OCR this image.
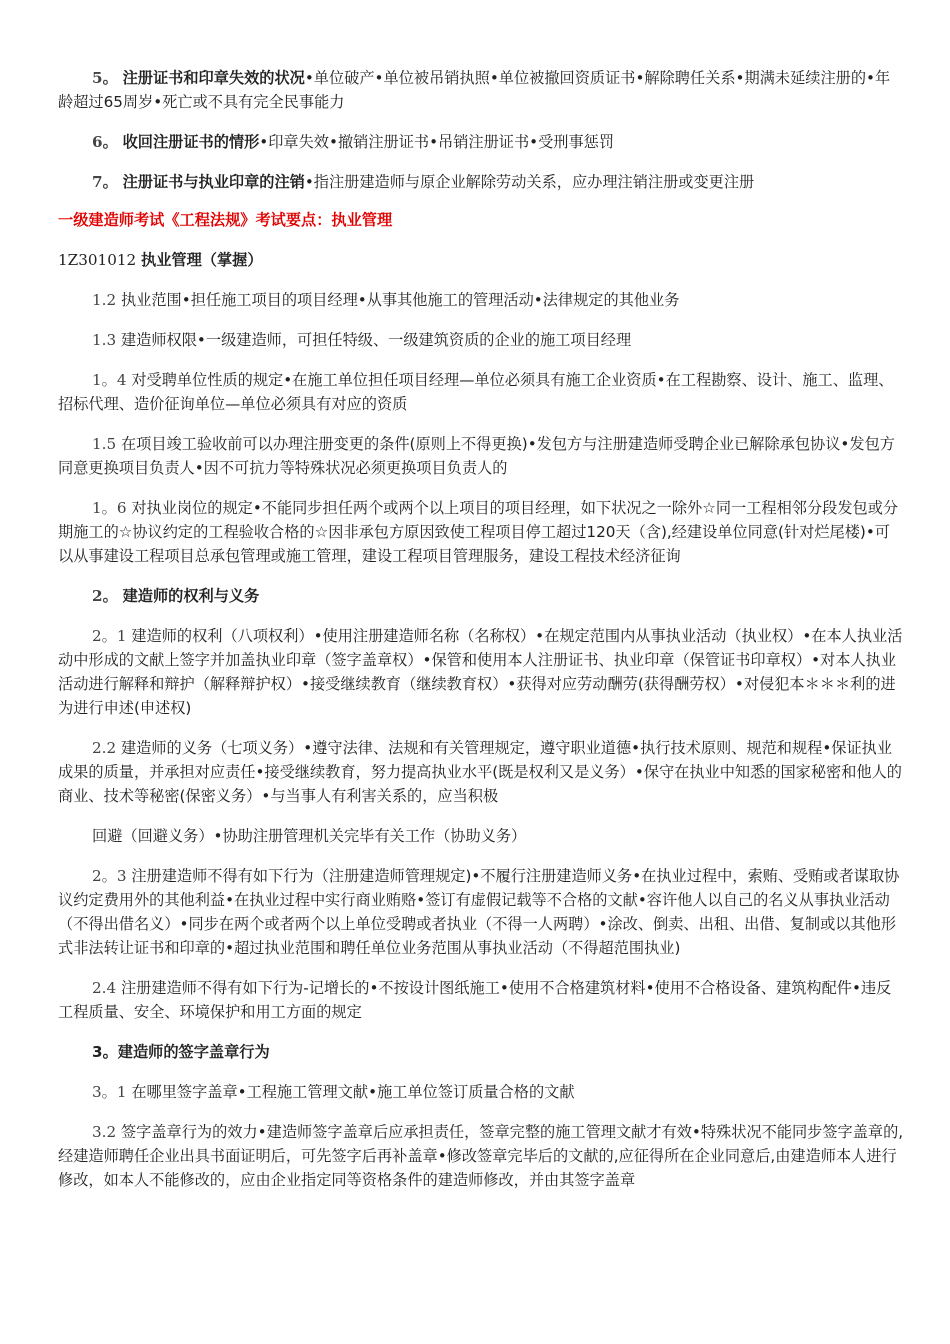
5。 注册证书和印章失效的状况•单位破产•单位被吊销执照•单位被撤回资质证书•解除聘任关系•期满未延续注册的•年龄超过65周岁•死亡或不具有完全民事能力

6。 收回注册证书的情形•印章失效•撤销注册证书•吊销注册证书•受刑事惩罚

7。 注册证书与执业印章的注销•指注册建造师与原企业解除劳动关系，应办理注销注册或变更注册

一级建造师考试《工程法规》考试要点：执业管理

1Z301012 执业管理（掌握）

1.2 执业范围•担任施工项目的项目经理•从事其他施工的管理活动•法律规定的其他业务

1.3 建造师权限•一级建造师，可担任特级、一级建筑资质的企业的施工项目经理

1。4 对受聘单位性质的规定•在施工单位担任项目经理—单位必须具有施工企业资质•在工程勘察、设计、施工、监理、招标代理、造价征询单位—单位必须具有对应的资质

1.5 在项目竣工验收前可以办理注册变更的条件(原则上不得更换)•发包方与注册建造师受聘企业已解除承包协议•发包方同意更换项目负责人•因不可抗力等特殊状况必须更换项目负责人的

1。6 对执业岗位的规定•不能同步担任两个或两个以上项目的项目经理，如下状况之一除外☆同一工程相邻分段发包或分期施工的☆协议约定的工程验收合格的☆因非承包方原因致使工程项目停工超过120天（含),经建设单位同意(针对烂尾楼)•可以从事建设工程项目总承包管理或施工管理，建设工程项目管理服务，建设工程技术经济征询

2。 建造师的权利与义务

2。1 建造师的权利（八项权利）•使用注册建造师名称（名称权）•在规定范围内从事执业活动（执业权）•在本人执业活动中形成的文献上签字并加盖执业印章（签字盖章权）•保管和使用本人注册证书、执业印章（保管证书印章权）•对本人执业活动进行解释和辩护（解释辩护权）•接受继续教育（继续教育权）•获得对应劳动酬劳(获得酬劳权）•对侵犯本＊＊＊利的进为进行申述(申述权)

2.2 建造师的义务（七项义务）•遵守法律、法规和有关管理规定，遵守职业道德•执行技术原则、规范和规程•保证执业成果的质量，并承担对应责任•接受继续教育，努力提高执业水平(既是权利又是义务）•保守在执业中知悉的国家秘密和他人的商业、技术等秘密(保密义务）•与当事人有利害关系的，应当积极

回避（回避义务）•协助注册管理机关完毕有关工作（协助义务）

2。3 注册建造师不得有如下行为（注册建造师管理规定)•不履行注册建造师义务•在执业过程中，索贿、受贿或者谋取协议约定费用外的其他利益•在执业过程中实行商业贿赂•签订有虚假记载等不合格的文献•容许他人以自己的名义从事执业活动（不得出借名义）•同步在两个或者两个以上单位受聘或者执业（不得一人两聘）•涂改、倒卖、出租、出借、复制或以其他形式非法转让证书和印章的•超过执业范围和聘任单位业务范围从事执业活动（不得超范围执业)

2.4 注册建造师不得有如下行为-记增长的•不按设计图纸施工•使用不合格建筑材料•使用不合格设备、建筑构配件•违反工程质量、安全、环境保护和用工方面的规定

3。建造师的签字盖章行为

3。1 在哪里签字盖章•工程施工管理文献•施工单位签订质量合格的文献

3.2 签字盖章行为的效力•建造师签字盖章后应承担责任，签章完整的施工管理文献才有效•特殊状况不能同步签字盖章的,经建造师聘任企业出具书面证明后，可先签字后再补盖章•修改签章完毕后的文献的,应征得所在企业同意后,由建造师本人进行修改，如本人不能修改的，应由企业指定同等资格条件的建造师修改，并由其签字盖章
